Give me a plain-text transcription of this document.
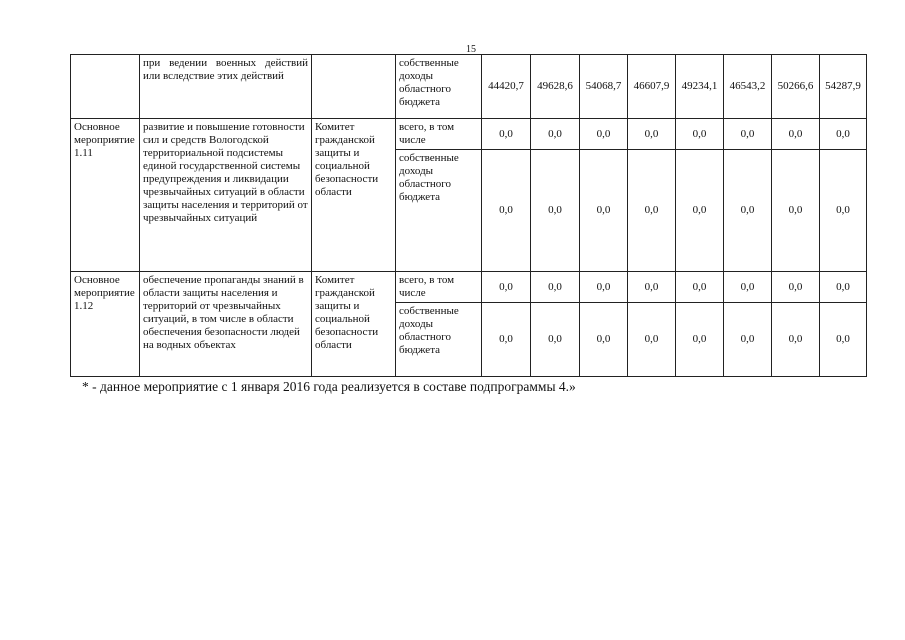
15
	при ведении военных действий или вследствие этих действий		собственные доходы областного бюджета	44420,7	49628,6	54068,7	46607,9	49234,1	46543,2	50266,6	54287,9
Основное мероприятие 1.11	развитие и повышение готовности сил и средств Вологодской территориальной подсистемы единой государственной системы предупреждения и ликвидации чрезвычайных ситуаций в области защиты населения и территорий от чрезвычайных ситуаций	Комитет гражданской защиты и социальной безопасности области	всего, в том числе	0,0	0,0	0,0	0,0	0,0	0,0	0,0	0,0
			собственные доходы областного бюджета	0,0	0,0	0,0	0,0	0,0	0,0	0,0	0,0
Основное мероприятие 1.12	обеспечение пропаганды знаний в области защиты населения и территорий от чрезвычайных ситуаций, в том числе в области обеспечения безопасности людей на водных объектах	Комитет гражданской защиты и социальной безопасности области	всего, в том числе	0,0	0,0	0,0	0,0	0,0	0,0	0,0	0,0
			собственные доходы областного бюджета	0,0	0,0	0,0	0,0	0,0	0,0	0,0	0,0
* - данное мероприятие с 1 января 2016 года реализуется в составе подпрограммы 4.»
